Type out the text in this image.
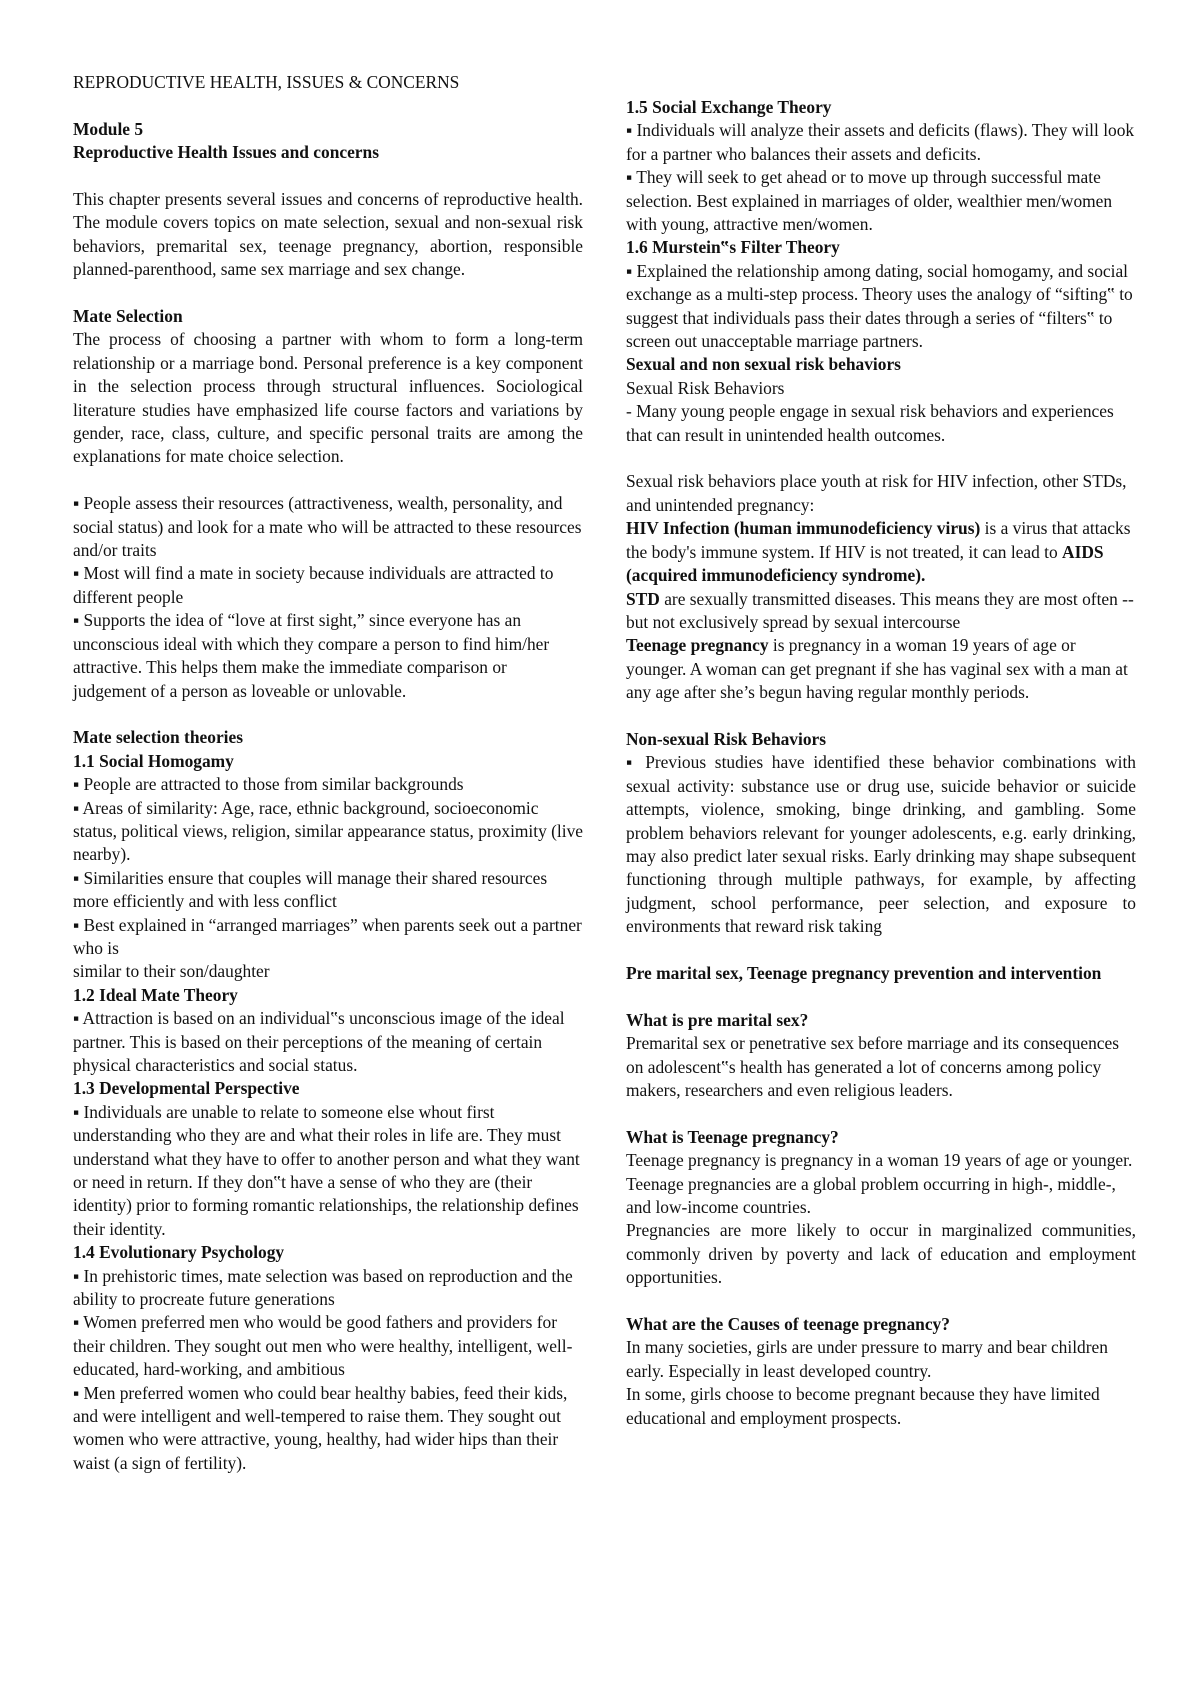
REPRODUCTIVE HEALTH, ISSUES & CONCERNS

Module 5

Reproductive Health Issues and concerns

This chapter presents several issues and concerns of reproductive health. The module covers topics on mate selection, sexual and non-sexual risk behaviors, premarital sex, teenage pregnancy, abortion, responsible planned-parenthood, same sex marriage and sex change.

Mate Selection

The process of choosing a partner with whom to form a long-term relationship or a marriage bond. Personal preference is a key component in the selection process through structural influences. Sociological literature studies have emphasized life course factors and variations by gender, race, class, culture, and specific personal traits are among the explanations for mate choice selection.

▪ People assess their resources (attractiveness, wealth, personality, and social status) and look for a mate who will be attracted to these resources and/or traits

▪ Most will find a mate in society because individuals are attracted to different people

▪ Supports the idea of “love at first sight,” since everyone has an unconscious ideal with which they compare a person to find him/her attractive. This helps them make the immediate comparison or judgement of a person as loveable or unlovable.

Mate selection theories

1.1 Social Homogamy

▪ People are attracted to those from similar backgrounds

▪ Areas of similarity: Age, race, ethnic background, socioeconomic status, political views, religion, similar appearance status, proximity (live nearby).

▪ Similarities ensure that couples will manage their shared resources more efficiently and with less conflict

▪ Best explained in “arranged marriages” when parents seek out a partner who is

similar to their son/daughter

1.2 Ideal Mate Theory

▪ Attraction is based on an individual‟s unconscious image of the ideal partner. This is based on their perceptions of the meaning of certain physical characteristics and social status.

1.3 Developmental Perspective

▪ Individuals are unable to relate to someone else whout first understanding who they are and what their roles in life are. They must understand what they have to offer to another person and what they want or need in return. If they don‟t have a sense of who they are (their identity) prior to forming romantic relationships, the relationship defines their identity.

1.4 Evolutionary Psychology

▪ In prehistoric times, mate selection was based on reproduction and the ability to procreate future generations

▪ Women preferred men who would be good fathers and providers for their children. They sought out men who were healthy, intelligent, well-educated, hard-working, and ambitious

▪ Men preferred women who could bear healthy babies, feed their kids, and were intelligent and well-tempered to raise them. They sought out women who were attractive, young, healthy, had wider hips than their waist (a sign of fertility).

1.5 Social Exchange Theory

▪ Individuals will analyze their assets and deficits (flaws). They will look for a partner who balances their assets and deficits.

▪ They will seek to get ahead or to move up through successful mate selection. Best explained in marriages of older, wealthier men/women with young, attractive men/women.

1.6 Murstein‟s Filter Theory

▪ Explained the relationship among dating, social homogamy, and social exchange as a multi-step process. Theory uses the analogy of “sifting‟ to suggest that individuals pass their dates through a series of “filters‟ to screen out unacceptable marriage partners.

Sexual and non sexual risk behaviors

Sexual Risk Behaviors

- Many young people engage in sexual risk behaviors and experiences that can result in unintended health outcomes.

Sexual risk behaviors place youth at risk for HIV infection, other STDs, and unintended pregnancy:

HIV Infection (human immunodeficiency virus) is a virus that attacks the body's immune system. If HIV is not treated, it can lead to AIDS (acquired immunodeficiency syndrome).

STD are sexually transmitted diseases. This means they are most often -- but not exclusively spread by sexual intercourse

Teenage pregnancy is pregnancy in a woman 19 years of age or younger. A woman can get pregnant if she has vaginal sex with a man at any age after she’s begun having regular monthly periods.

Non-sexual Risk Behaviors

▪ Previous studies have identified these behavior combinations with sexual activity: substance use or drug use, suicide behavior or suicide attempts, violence, smoking, binge drinking, and gambling. Some problem behaviors relevant for younger adolescents, e.g. early drinking, may also predict later sexual risks. Early drinking may shape subsequent functioning through multiple pathways, for example, by affecting judgment, school performance, peer selection, and exposure to environments that reward risk taking

Pre marital sex, Teenage pregnancy prevention and intervention

What is pre marital sex?

Premarital sex or penetrative sex before marriage and its consequences on adolescent‟s health has generated a lot of concerns among policy makers, researchers and even religious leaders.

What is Teenage pregnancy?

Teenage pregnancy is pregnancy in a woman 19 years of age or younger.

Teenage pregnancies are a global problem occurring in high-, middle-, and low-income countries.

Pregnancies are more likely to occur in marginalized communities, commonly driven by poverty and lack of education and employment opportunities.

What are the Causes of teenage pregnancy?

In many societies, girls are under pressure to marry and bear children early. Especially in least developed country.

In some, girls choose to become pregnant because they have limited educational and employment prospects.
